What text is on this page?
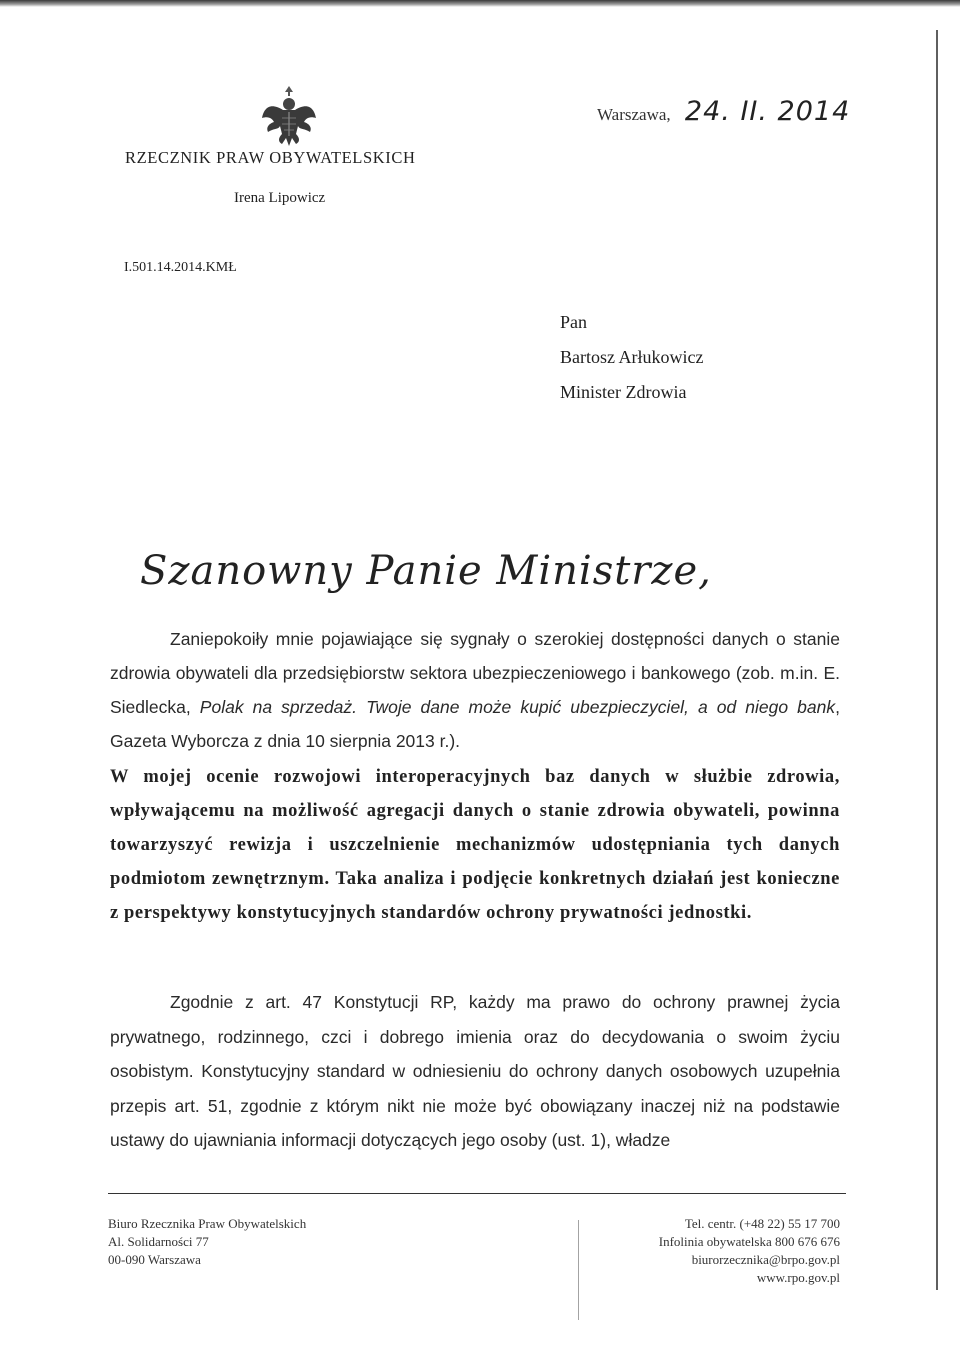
RZECZNIK PRAW OBYWATELSKICH
Irena Lipowicz
I.501.14.2014.KMŁ
Warszawa, 24. II. 2014
Pan
Bartosz Arłukowicz
Minister Zdrowia
Szanowny Panie Ministrze,
Zaniepokoiły mnie pojawiające się sygnały o szerokiej dostępności danych o stanie zdrowia obywateli dla przedsiębiorstw sektora ubezpieczeniowego i bankowego (zob. m.in. E. Siedlecka, Polak na sprzedaż. Twoje dane może kupić ubezpieczyciel, a od niego bank, Gazeta Wyborcza z dnia 10 sierpnia 2013 r.).
W mojej ocenie rozwojowi interoperacyjnych baz danych w służbie zdrowia, wpływającemu na możliwość agregacji danych o stanie zdrowia obywateli, powinna towarzyszyć rewizja i uszczelnienie mechanizmów udostępniania tych danych podmiotom zewnętrznym. Taka analiza i podjęcie konkretnych działań jest konieczne z perspektywy konstytucyjnych standardów ochrony prywatności jednostki.
Zgodnie z art. 47 Konstytucji RP, każdy ma prawo do ochrony prawnej życia prywatnego, rodzinnego, czci i dobrego imienia oraz do decydowania o swoim życiu osobistym. Konstytucyjny standard w odniesieniu do ochrony danych osobowych uzupełnia przepis art. 51, zgodnie z którym nikt nie może być obowiązany inaczej niż na podstawie ustawy do ujawniania informacji dotyczących jego osoby (ust. 1), władze
Biuro Rzecznika Praw Obywatelskich
Al. Solidarności 77
00-090 Warszawa
Tel. centr. (+48 22) 55 17 700
Infolinia obywatelska 800 676 676
biurorzecznika@brpo.gov.pl
www.rpo.gov.pl
